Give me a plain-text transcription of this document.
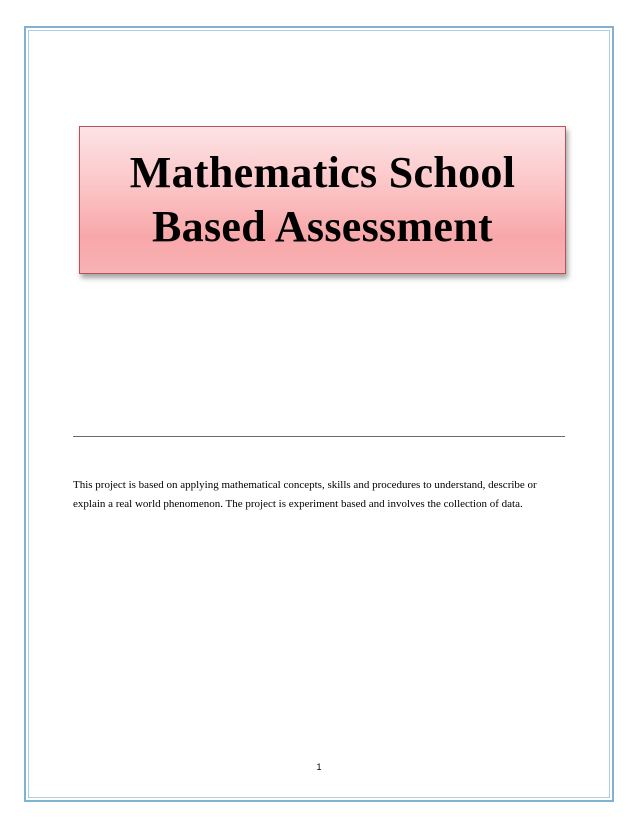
Mathematics School
Based Assessment

This project is based on applying mathematical concepts, skills and procedures to understand, describe or explain a real world phenomenon. The project is experiment based and involves the collection of data.

1
